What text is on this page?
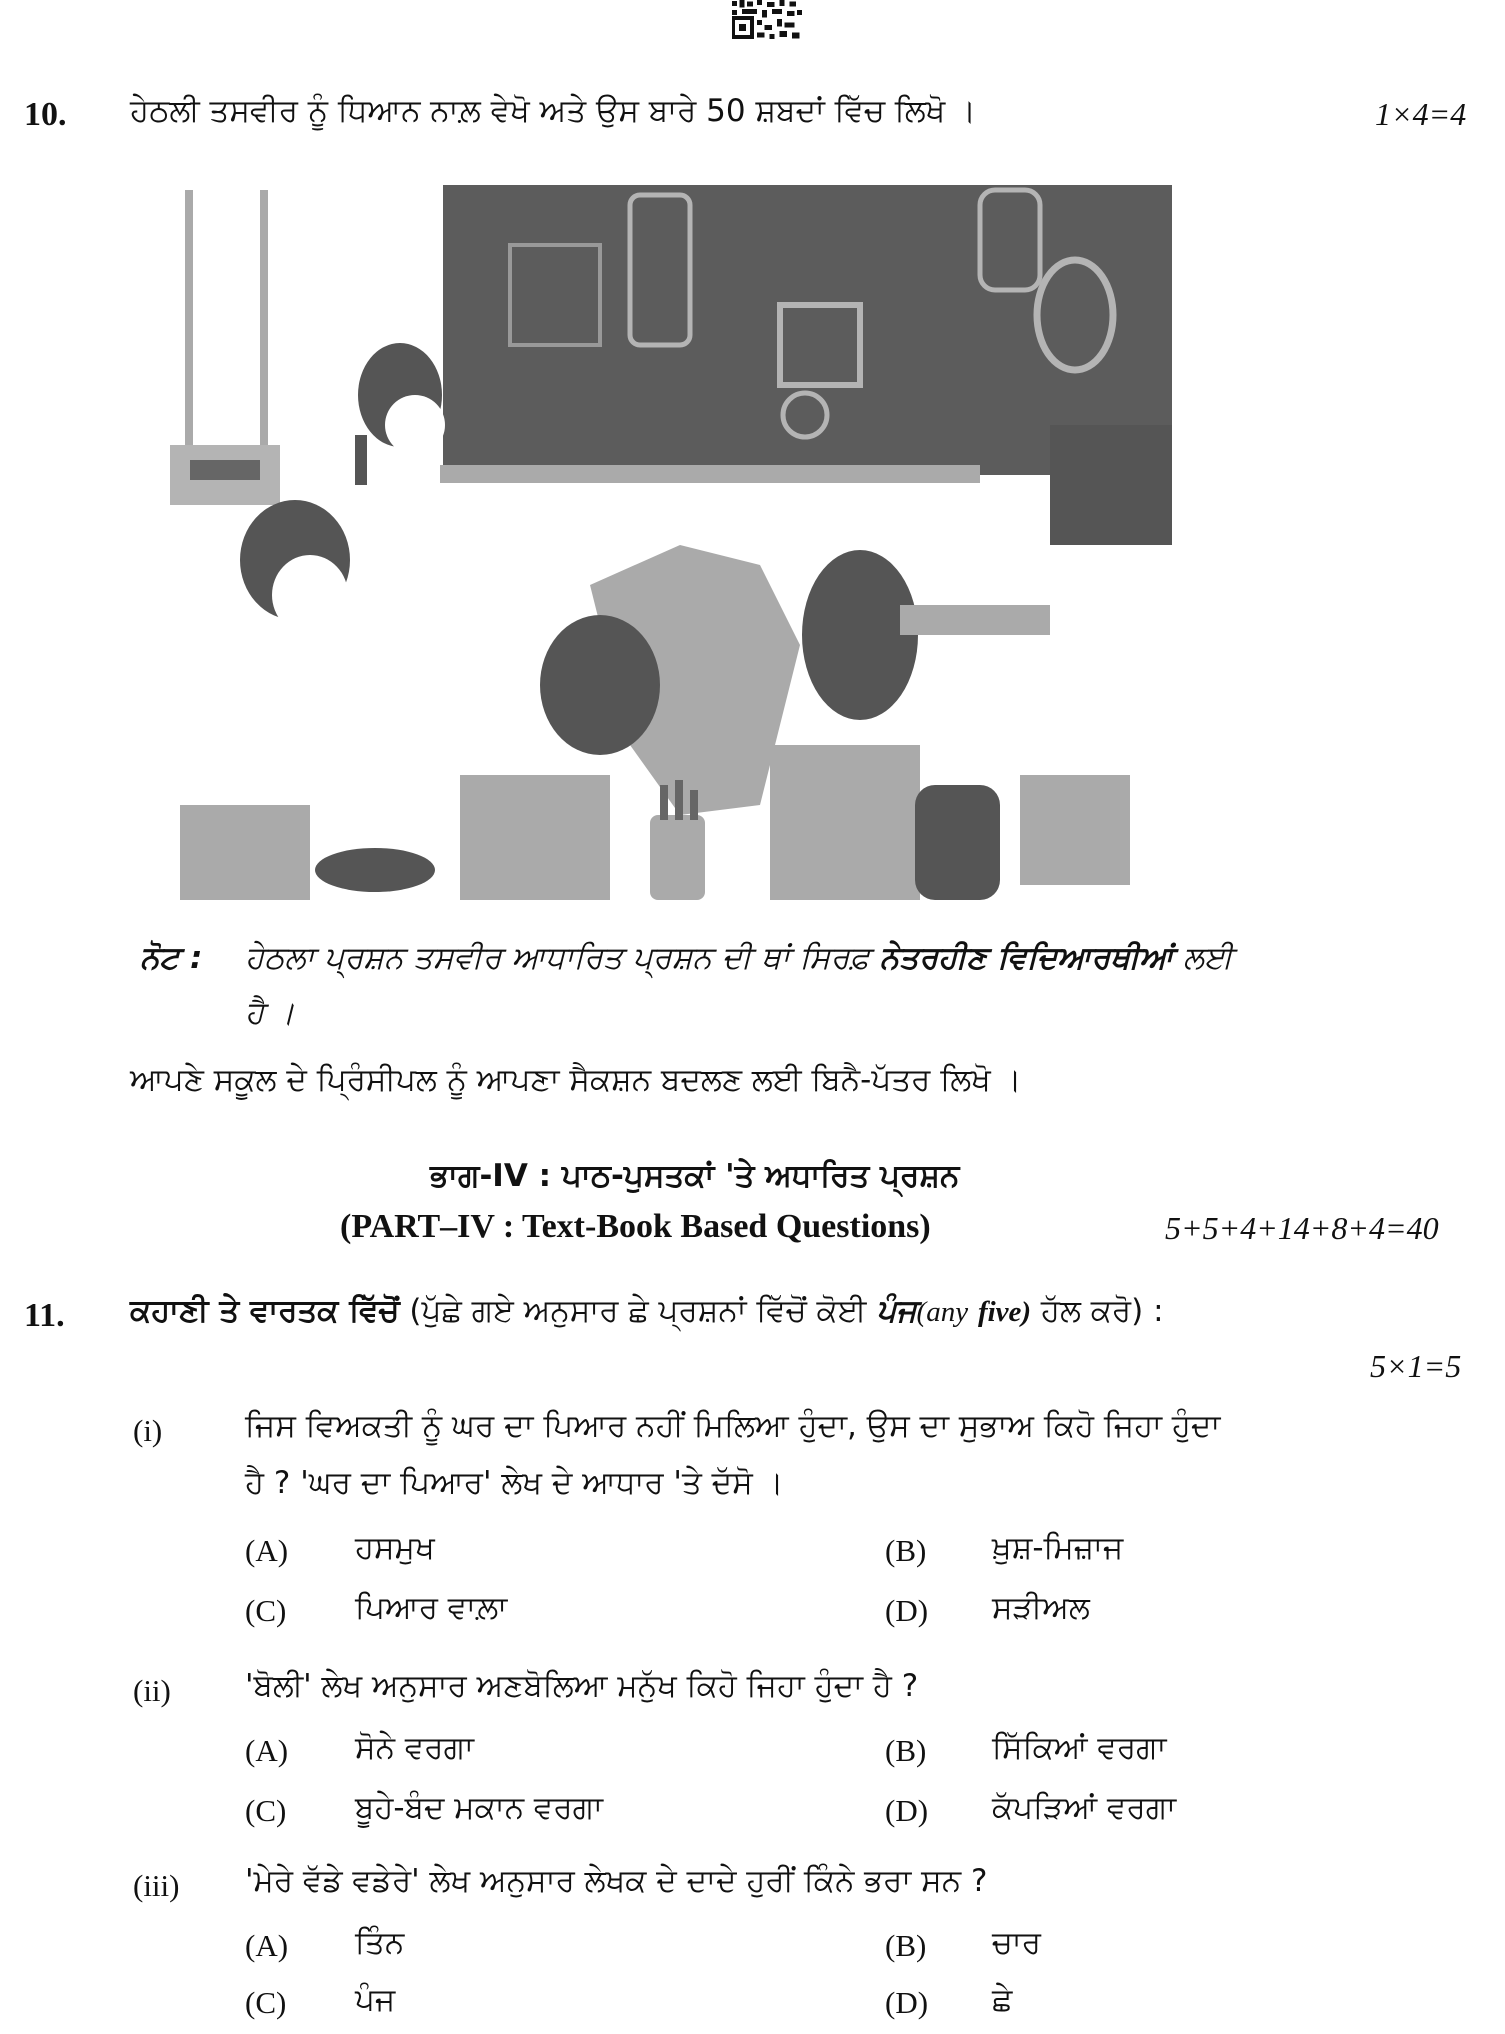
10. ਹੇਠਲੀ ਤਸਵੀਰ ਨੂੰ ਧਿਆਨ ਨਾਲ਼ ਵੇਖੋ ਅਤੇ ਉਸ ਬਾਰੇ 50 ਸ਼ਬਦਾਂ ਵਿੱਚ ਲਿਖੋ ।	1×4=4
ਨੋਟ : ਹੇਠਲਾ ਪ੍ਰਸ਼ਨ ਤਸਵੀਰ ਆਧਾਰਿਤ ਪ੍ਰਸ਼ਨ ਦੀ ਥਾਂ ਸਿਰਫ਼ ਨੇਤਰਹੀਣ ਵਿਦਿਆਰਥੀਆਂ ਲਈ
ਹੈ ।
ਆਪਣੇ ਸਕੂਲ ਦੇ ਪ੍ਰਿੰਸੀਪਲ ਨੂੰ ਆਪਣਾ ਸੈਕਸ਼ਨ ਬਦਲਣ ਲਈ ਬਿਨੈ-ਪੱਤਰ ਲਿਖੋ ।
ਭਾਗ-IV : ਪਾਠ-ਪੁਸਤਕਾਂ 'ਤੇ ਅਧਾਰਿਤ ਪ੍ਰਸ਼ਨ
(PART–IV : Text-Book Based Questions)	5+5+4+14+8+4=40
11. ਕਹਾਣੀ ਤੇ ਵਾਰਤਕ ਵਿੱਚੋਂ (ਪੁੱਛੇ ਗਏ ਅਨੁਸਾਰ ਛੇ ਪ੍ਰਸ਼ਨਾਂ ਵਿੱਚੋਂ ਕੋਈ ਪੰਜ(any five) ਹੱਲ ਕਰੋ) :
5×1=5
(i)	ਜਿਸ ਵਿਅਕਤੀ ਨੂੰ ਘਰ ਦਾ ਪਿਆਰ ਨਹੀਂ ਮਿਲਿਆ ਹੁੰਦਾ, ਉਸ ਦਾ ਸੁਭਾਅ ਕਿਹੋ ਜਿਹਾ ਹੁੰਦਾ
ਹੈ ? 'ਘਰ ਦਾ ਪਿਆਰ' ਲੇਖ ਦੇ ਆਧਾਰ 'ਤੇ ਦੱਸੋ ।
(A) ਹਸਮੁਖ	(B) ਖ਼ੁਸ਼-ਮਿਜ਼ਾਜ
(C) ਪਿਆਰ ਵਾਲ਼ਾ	(D) ਸੜੀਅਲ
(ii) 'ਬੋਲੀ' ਲੇਖ ਅਨੁਸਾਰ ਅਣਬੋਲਿਆ ਮਨੁੱਖ ਕਿਹੋ ਜਿਹਾ ਹੁੰਦਾ ਹੈ ?
(A) ਸੋਨੇ ਵਰਗਾ	(B) ਸਿੱਕਿਆਂ ਵਰਗਾ
(C) ਬੂਹੇ-ਬੰਦ ਮਕਾਨ ਵਰਗਾ	(D) ਕੱਪੜਿਆਂ ਵਰਗਾ
(iii) 'ਮੇਰੇ ਵੱਡੇ ਵਡੇਰੇ' ਲੇਖ ਅਨੁਸਾਰ ਲੇਖਕ ਦੇ ਦਾਦੇ ਹੁਰੀਂ ਕਿੰਨੇ ਭਰਾ ਸਨ ?
(A) ਤਿੰਨ	(B) ਚਾਰ
(C) ਪੰਜ	(D) ਛੇ
